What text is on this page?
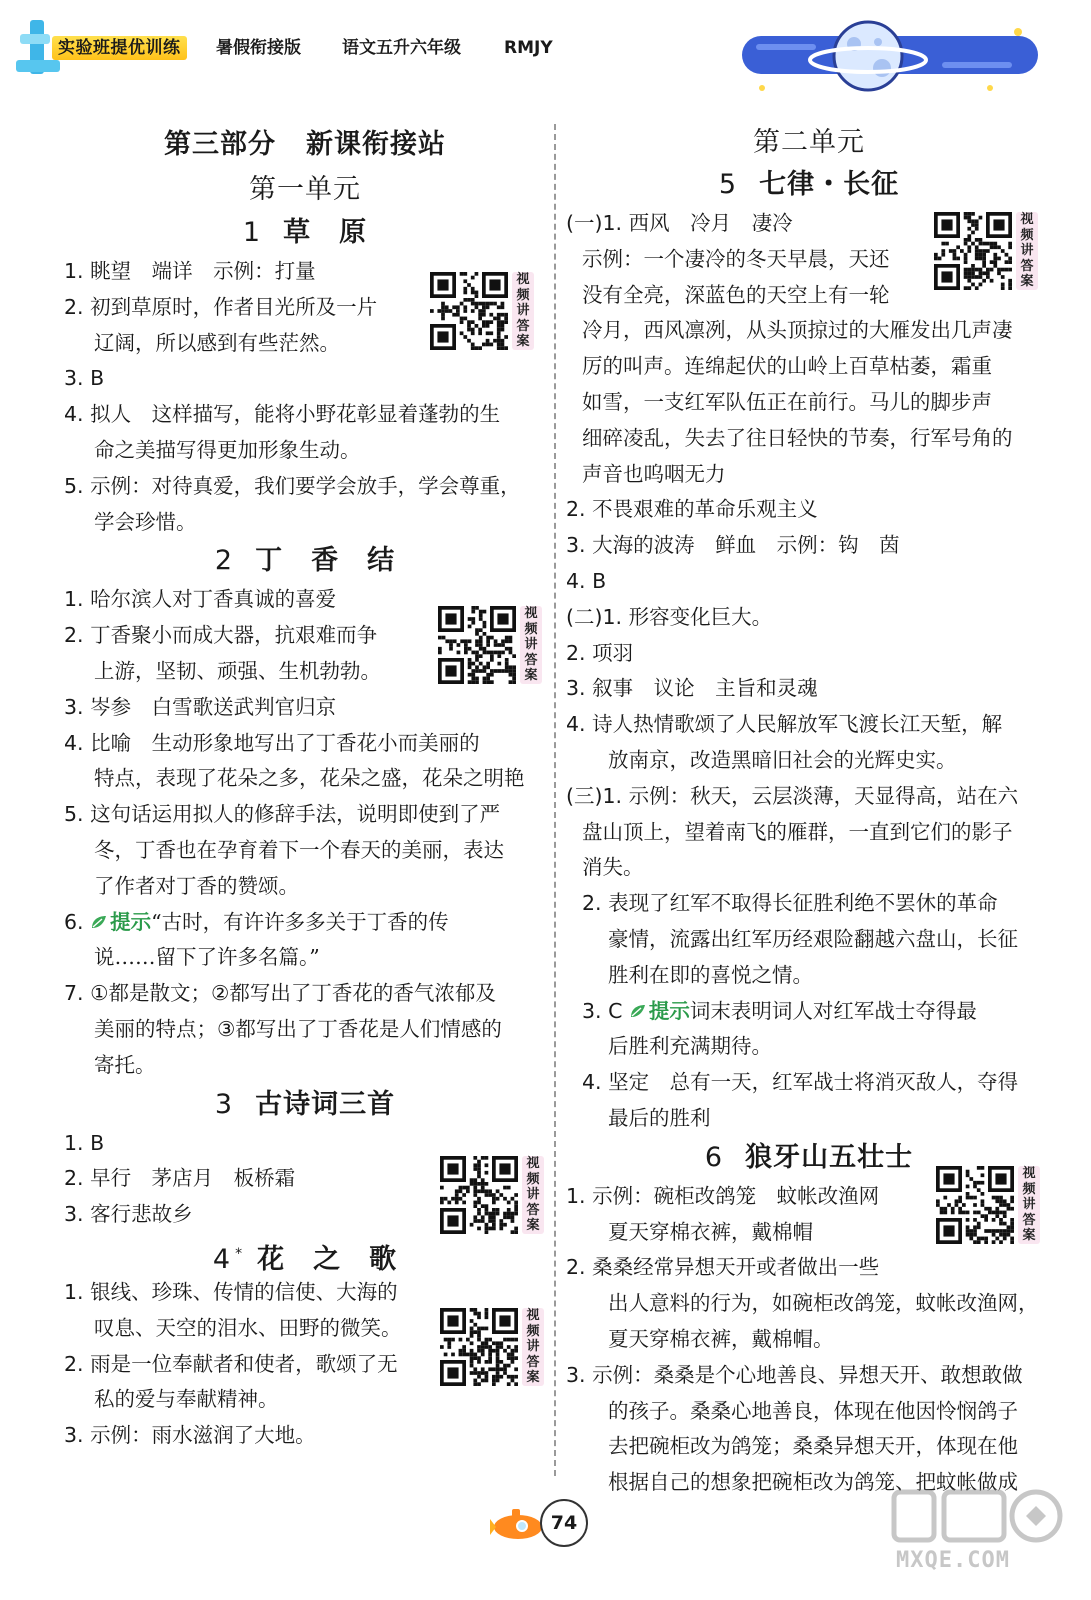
实验班提优训练	暑假衔接版 语文五升六年级	RMJY
第三部分 新课衔接站
第一单元
1 草　原
1. 眺望　端详　示例：打量
2. 初到草原时，作者目光所及一片
辽阔，所以感到有些茫然。
3. B
4. 拟人　这样描写，能将小野花彰显着蓬勃的生
命之美描写得更加形象生动。
5. 示例：对待真爱，我们要学会放手，学会尊重，
学会珍惜。
2 丁　香　结
1. 哈尔滨人对丁香真诚的喜爱
2. 丁香聚小而成大器，抗艰难而争
上游，坚韧、顽强、生机勃勃。
3. 岑参　白雪歌送武判官归京
4. 比喻　生动形象地写出了丁香花小而美丽的
特点，表现了花朵之多，花朵之盛，花朵之明艳
5. 这句话运用拟人的修辞手法，说明即使到了严
冬，丁香也在孕育着下一个春天的美丽，表达
了作者对丁香的赞颂。
6. 提示“古时，有许许多多关于丁香的传
说……留下了许多名篇。”
7. ①都是散文；②都写出了丁香花的香气浓郁及
美丽的特点；③都写出了丁香花是人们情感的
寄托。
3 古诗词三首
1. B
2. 早行　茅店月　板桥霜
3. 客行悲故乡
4 * 花　之　歌
1. 银线、珍珠、传情的信使、大海的
叹息、天空的泪水、田野的微笑。
2. 雨是一位奉献者和使者，歌颂了无
私的爱与奉献精神。
3. 示例：雨水滋润了大地。
视频讲答案
视频讲答案
视频讲答案
视频讲答案
第二单元
5 七律・长征
(一)1. 西风　冷月　凄冷
示例：一个凄冷的冬天早晨，天还
没有全亮，深蓝色的天空上有一轮
冷月，西风凛冽，从头顶掠过的大雁发出几声凄
厉的叫声。连绵起伏的山岭上百草枯萎，霜重
如雪，一支红军队伍正在前行。马儿的脚步声
细碎凌乱，失去了往日轻快的节奏，行军号角的
声音也呜咽无力
2. 不畏艰难的革命乐观主义
3. 大海的波涛　鲜血　示例：钩　茵
4. B
(二)1. 形容变化巨大。
2. 项羽
3. 叙事　议论　主旨和灵魂
4. 诗人热情歌颂了人民解放军飞渡长江天堑，解
放南京，改造黑暗旧社会的光辉史实。
(三)1. 示例：秋天，云层淡薄，天显得高，站在六
盘山顶上，望着南飞的雁群，一直到它们的影子
消失。
2. 表现了红军不取得长征胜利绝不罢休的革命
豪情，流露出红军历经艰险翻越六盘山，长征
胜利在即的喜悦之情。
3. C 提示词末表明词人对红军战士夺得最
后胜利充满期待。
4. 坚定　总有一天，红军战士将消灭敌人，夺得
最后的胜利
6 狼牙山五壮士
1. 示例：碗柜改鸽笼　蚊帐改渔网
夏天穿棉衣裤，戴棉帽
2. 桑桑经常异想天开或者做出一些
出人意料的行为，如碗柜改鸽笼，蚊帐改渔网，
夏天穿棉衣裤，戴棉帽。
3. 示例：桑桑是个心地善良、异想天开、敢想敢做
的孩子。桑桑心地善良，体现在他因怜悯鸽子
去把碗柜改为鸽笼；桑桑异想天开，体现在他
根据自己的想象把碗柜改为鸽笼、把蚊帐做成
视频讲答案
视频讲答案
74
MXQE.COM
